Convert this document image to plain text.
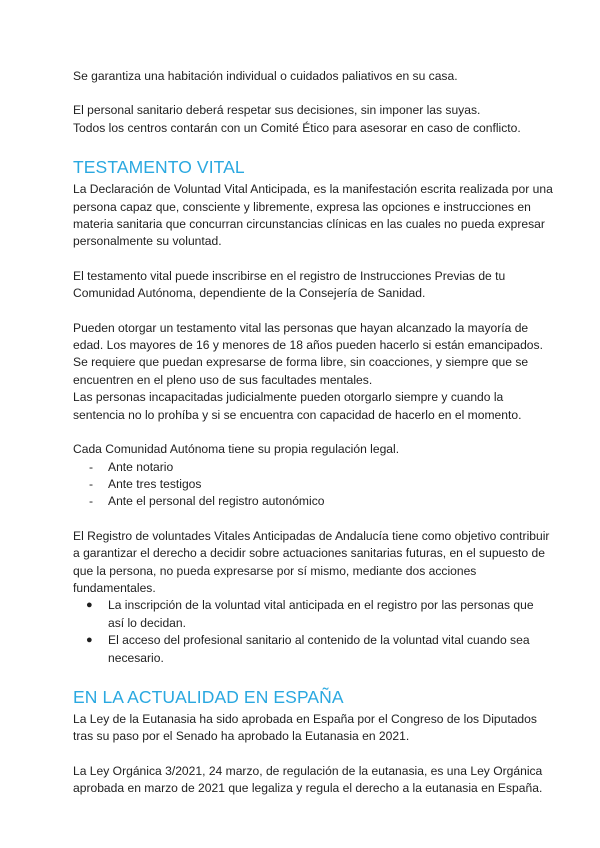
Se garantiza una habitación individual o cuidados paliativos en su casa.

El personal sanitario deberá respetar sus decisiones, sin imponer las suyas.

Todos los centros contarán con un Comité Ético para asesorar en caso de conflicto.

TESTAMENTO VITAL

La Declaración de Voluntad Vital Anticipada, es la manifestación escrita realizada por una persona capaz que, consciente y libremente, expresa las opciones e instrucciones en materia sanitaria que concurran circunstancias clínicas en las cuales no pueda expresar personalmente su voluntad.

El testamento vital puede inscribirse en el registro de Instrucciones Previas de tu Comunidad Autónoma, dependiente de la Consejería de Sanidad.

Pueden otorgar un testamento vital las personas que hayan alcanzado la mayoría de edad. Los mayores de 16 y menores de 18 años pueden hacerlo si están emancipados.

Se requiere que puedan expresarse de forma libre, sin coacciones, y siempre que se encuentren en el pleno uso de sus facultades mentales.

Las personas incapacitadas judicialmente pueden otorgarlo siempre y cuando la sentencia no lo prohíba y si se encuentra con capacidad de hacerlo en el momento.

Cada Comunidad Autónoma tiene su propia regulación legal.

- Ante notario
- Ante tres testigos
- Ante el personal del registro autonómico

El Registro de voluntades Vitales Anticipadas de Andalucía tiene como objetivo contribuir a garantizar el derecho a decidir sobre actuaciones sanitarias futuras, en el supuesto de que la persona, no pueda expresarse por sí mismo, mediante dos acciones fundamentales.

● La inscripción de la voluntad vital anticipada en el registro por las personas que así lo decidan.
● El acceso del profesional sanitario al contenido de la voluntad vital cuando sea necesario.
EN LA ACTUALIDAD EN ESPAÑA

La Ley de la Eutanasia ha sido aprobada en España por el Congreso de los Diputados tras su paso por el Senado ha aprobado la Eutanasia en 2021.

La Ley Orgánica 3/2021, 24 marzo, de regulación de la eutanasia, es una Ley Orgánica aprobada en marzo de 2021 que legaliza y regula el derecho a la eutanasia en España.
